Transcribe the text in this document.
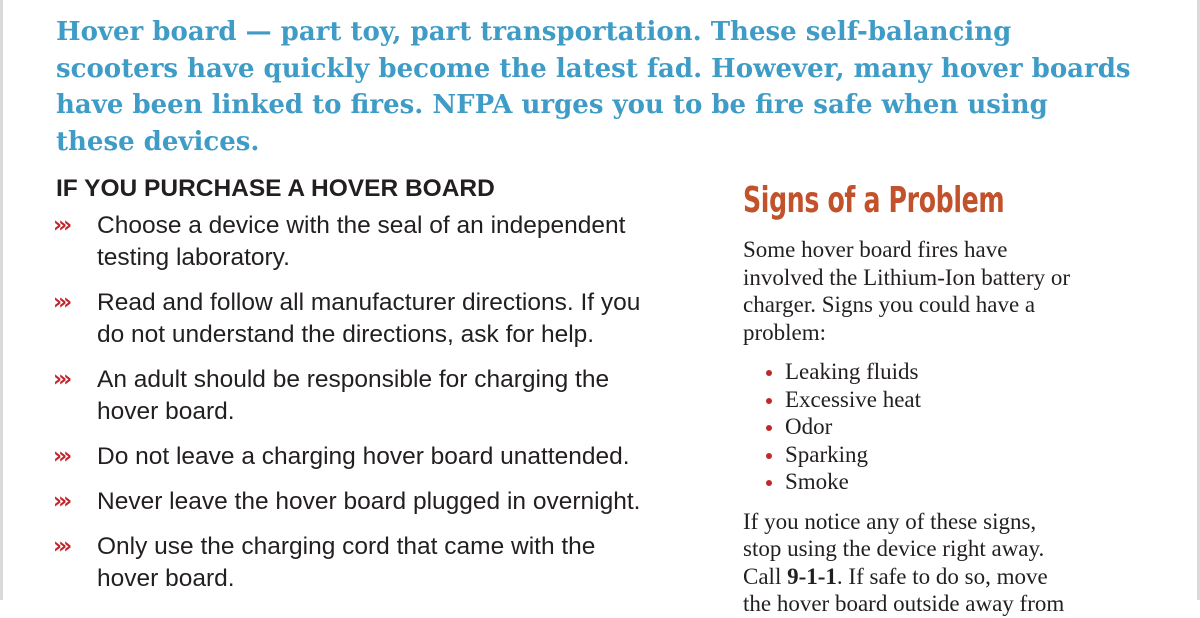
Hover board — part toy, part transportation. These self-balancing
scooters have quickly become the latest fad. However, many hover boards
have been linked to fires. NFPA urges you to be fire safe when using
these devices.

IF YOU PURCHASE A HOVER BOARD
››› Choose a device with the seal of an independent
testing laboratory.
››› Read and follow all manufacturer directions. If you
do not understand the directions, ask for help.
››› An adult should be responsible for charging the
hover board.
››› Do not leave a charging hover board unattended.
››› Never leave the hover board plugged in overnight.
››› Only use the charging cord that came with the
hover board.
Signs of a Problem

Some hover board fires have
involved the Lithium-Ion battery or
charger. Signs you could have a
problem:

Leaking fluids
Excessive heat
Odor
Sparking
Smoke

If you notice any of these signs,
stop using the device right away.
Call 9-1-1. If safe to do so, move
the hover board outside away from
